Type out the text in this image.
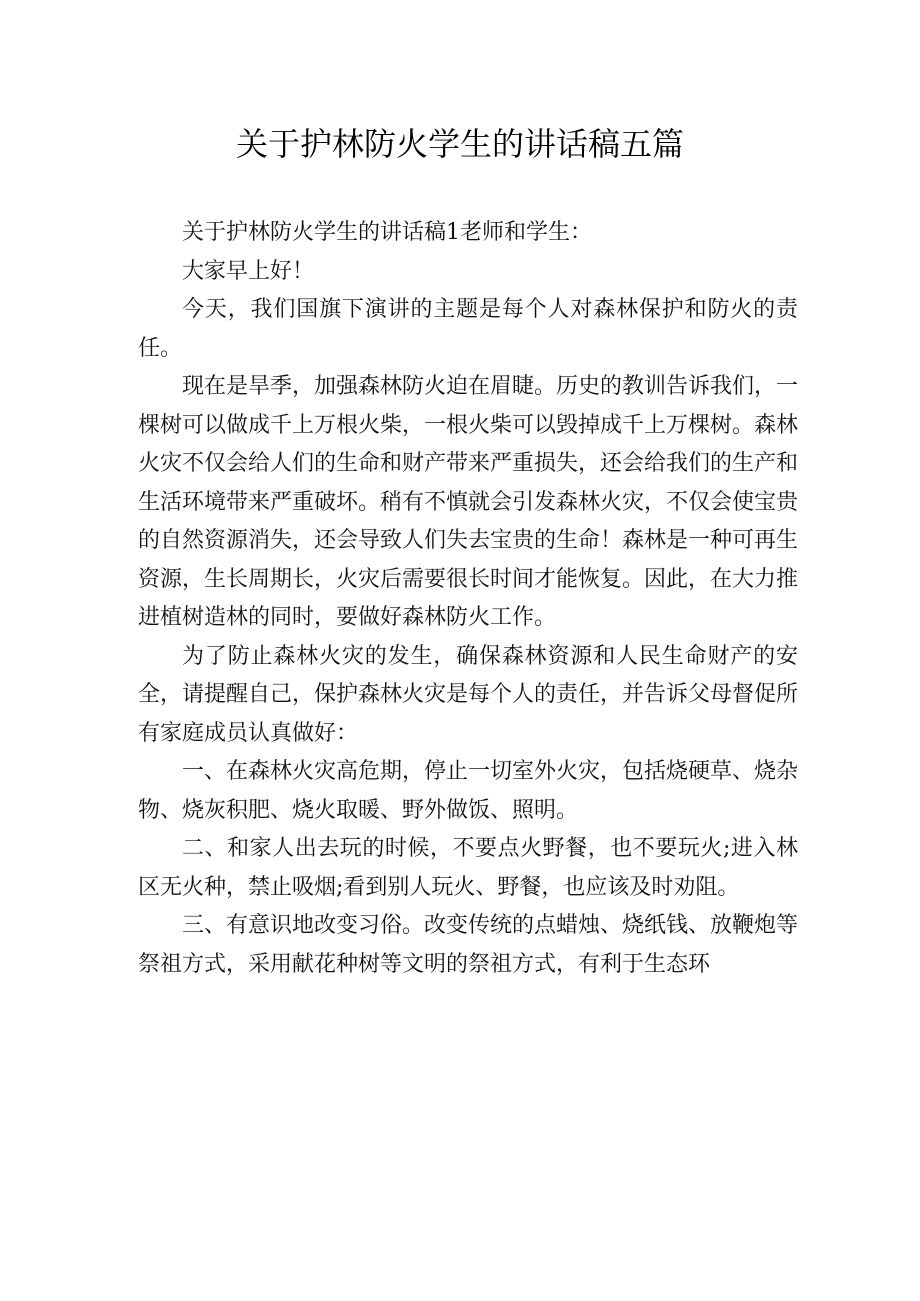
关于护林防火学生的讲话稿五篇

关于护林防火学生的讲话稿1老师和学生：

大家早上好！

今天，我们国旗下演讲的主题是每个人对森林保护和防火的责任。

现在是旱季，加强森林防火迫在眉睫。历史的教训告诉我们，一棵树可以做成千上万根火柴，一根火柴可以毁掉成千上万棵树。森林火灾不仅会给人们的生命和财产带来严重损失，还会给我们的生产和生活环境带来严重破坏。稍有不慎就会引发森林火灾，不仅会使宝贵的自然资源消失，还会导致人们失去宝贵的生命！森林是一种可再生资源，生长周期长，火灾后需要很长时间才能恢复。因此，在大力推进植树造林的同时，要做好森林防火工作。

为了防止森林火灾的发生，确保森林资源和人民生命财产的安全，请提醒自己，保护森林火灾是每个人的责任，并告诉父母督促所有家庭成员认真做好：

一、在森林火灾高危期，停止一切室外火灾，包括烧硬草、烧杂物、烧灰积肥、烧火取暖、野外做饭、照明。

二、和家人出去玩的时候，不要点火野餐，也不要玩火;进入林区无火种，禁止吸烟;看到别人玩火、野餐，也应该及时劝阻。

三、有意识地改变习俗。改变传统的点蜡烛、烧纸钱、放鞭炮等祭祖方式，采用献花种树等文明的祭祖方式，有利于生态环
